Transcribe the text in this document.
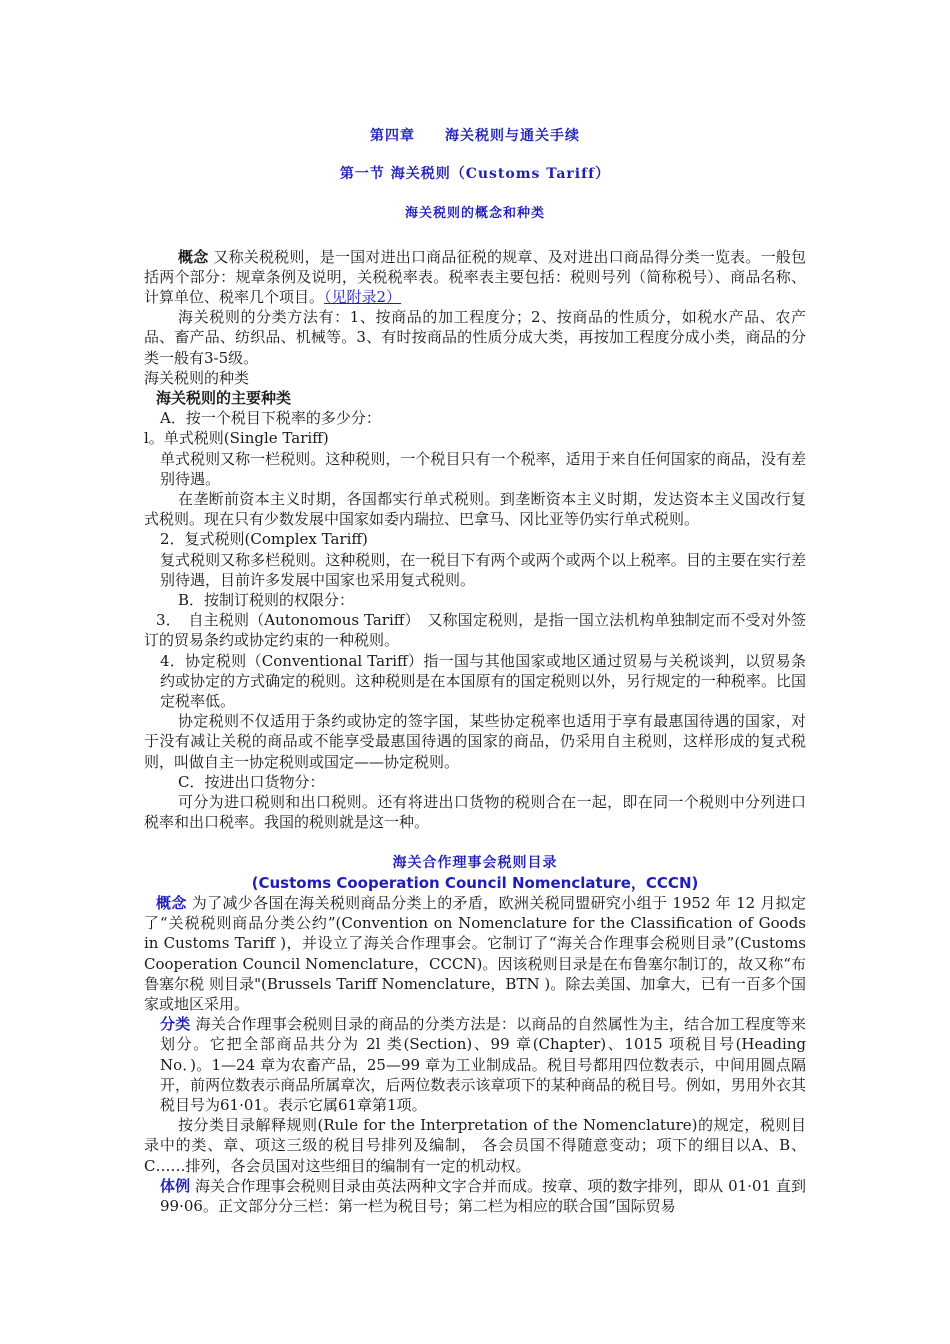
第四章　　海关税则与通关手续
第一节 海关税则（Customs Tariff）
海关税则的概念和种类

概念 又称关税税则，是一国对进出口商品征税的规章、及对进出口商品得分类一览表。一般包括两个部分：规章条例及说明，关税税率表。税率表主要包括：税则号列（简称税号）、商品名称、计算单位、税率几个项目。（见附录2）

海关税则的分类方法有：1、按商品的加工程度分；2、按商品的性质分，如税水产品、农产品、畜产品、纺织品、机械等。3、有时按商品的性质分成大类，再按加工程度分成小类，商品的分类一般有3-5级。

海关税则的种类

海关税则的主要种类

A．按一个税目下税率的多少分：

l。单式税则(Single Tariff)

单式税则又称一栏税则。这种税则，一个税目只有一个税率，适用于来自任何国家的商品，没有差别待遇。

在垄断前资本主义时期，各国都实行单式税则。到垄断资本主义时期，发达资本主义国改行复式税则。现在只有少数发展中国家如委内瑞拉、巴拿马、冈比亚等仍实行单式税则。

2．复式税则(Complex Tariff)

复式税则又称多栏税则。这种税则，在一税目下有两个或两个或两个以上税率。目的主要在实行差别待遇，目前许多发展中国家也采用复式税则。

B．按制订税则的权限分：

3．　自主税则（Autonomous Tariff）　又称国定税则，是指一国立法机构单独制定而不受对外签订的贸易条约或协定约束的一种税则。

4．协定税则（Conventional Tariff）指一国与其他国家或地区通过贸易与关税谈判，以贸易条约或协定的方式确定的税则。这种税则是在本国原有的国定税则以外，另行规定的一种税率。比国定税率低。

协定税则不仅适用于条约或协定的签字国，某些协定税率也适用于享有最惠国待遇的国家，对于没有减让关税的商品或不能享受最惠国待遇的国家的商品，仍采用自主税则，这样形成的复式税则，叫做自主一协定税则或国定——协定税则。

C．按进出口货物分：

可分为进口税则和出口税则。还有将进出口货物的税则合在一起，即在同一个税则中分列进口税率和出口税率。我国的税则就是这一种。

海关合作理事会税则目录
(Customs Cooperation Council Nomenclature，CCCN)

概念 为了减少各国在海关税则商品分类上的矛盾，欧洲关税同盟研究小组于 1952 年 12 月拟定了“关税税则商品分类公约”(Convention on Nomenclature for the Classification of Goods in Customs Tariff )，并设立了海关合作理事会。它制订了“海关合作理事会税则目录”(Customs Cooperation Council Nomenclature，CCCN)。因该税则目录是在布鲁塞尔制订的，故又称“布鲁塞尔税 则目录"(Brussels Tariff Nomenclature，BTN )。除去美国、加拿大，已有一百多个国家或地区采用。

分类 海关合作理事会税则目录的商品的分类方法是：以商品的自然属性为主，结合加工程度等来划分。它把全部商品共分为 2l 类(Section)、99 章(Chapter)、1015 项税目号(Heading No．)。1—24 章为农畜产品，25—99 章为工业制成品。税目号都用四位数表示，中间用圆点隔开，前两位数表示商品所属章次，后两位数表示该章项下的某种商品的税目号。例如，男用外衣其税目号为61·01。表示它属61章第1项。

按分类目录解释规则(Rule for the Interpretation of the Nomenclature)的规定，税则目录中的类、章、项这三级的税目号排列及编制， 各会员国不得随意变动；项下的细目以A、B、C……排列，各会员国对这些细目的编制有一定的机动权。

体例 海关合作理事会税则目录由英法两种文字合并而成。按章、项的数字排列，即从 01·01 直到 99·06。正文部分分三栏：第一栏为税目号；第二栏为相应的联合国“国际贸易
